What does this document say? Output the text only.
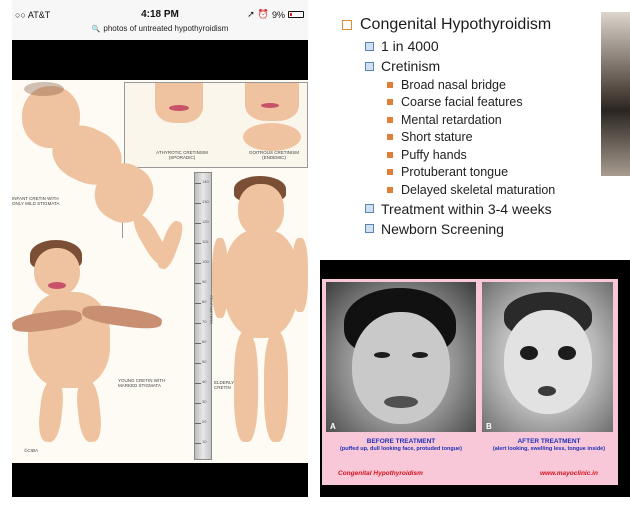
○○ AT&T	4:18 PM	➚ ⏰ 9%
🔍 photos of untreated hypothyroidism
ATHYROTIC CRETINISM (SPORADIC)
GOITROUS CRETINISM (ENDEMIC)
INFANT CRETIN WITH ONLY MILD STIGMATA
YOUNG CRETIN WITH MARKED STIGMATA
ELDERLY CRETIN
140
130
120
110
100
90
80
70
60
50
40
30
20
10
CENTIMETERS
©CIBA
Congenital Hypothyroidism
1 in 4000
Cretinism
Broad nasal bridge
Coarse facial features
Mental retardation
Short stature
Puffy hands
Protuberant tongue
Delayed skeletal maturation
Treatment within 3-4 weeks
Newborn Screening
A	B
BEFORE TREATMENT
(puffed up, dull looking face, protuded tongue)
AFTER TREATMENT
(alert looking, swelling less, tongue inside)
Congenital Hypothyroidism	www.mayoclinic.in
